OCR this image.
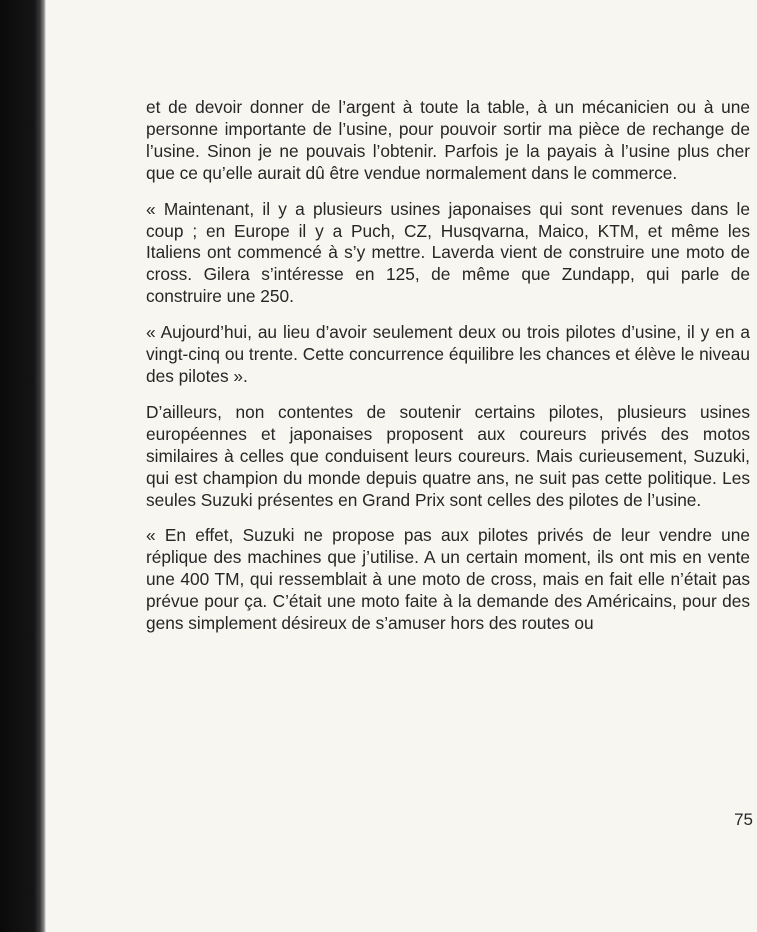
et de devoir donner de l’argent à toute la table, à un mécanicien ou à une personne importante de l’usine, pour pouvoir sortir ma pièce de rechange de l’usine. Sinon je ne pouvais l’obtenir. Parfois je la payais à l’usine plus cher que ce qu’elle aurait dû être vendue normalement dans le commerce.

« Maintenant, il y a plusieurs usines japonaises qui sont revenues dans le coup ; en Europe il y a Puch, CZ, Husqvarna, Maico, KTM, et même les Italiens ont commencé à s’y mettre. Laverda vient de construire une moto de cross. Gilera s’intéresse en 125, de même que Zundapp, qui parle de construire une 250.

« Aujourd’hui, au lieu d’avoir seulement deux ou trois pilotes d’usine, il y en a vingt-cinq ou trente. Cette concurrence équilibre les chances et élève le niveau des pilotes ».

D’ailleurs, non contentes de soutenir certains pilotes, plusieurs usines européennes et japonaises proposent aux coureurs privés des motos similaires à celles que conduisent leurs coureurs. Mais curieusement, Suzuki, qui est champion du monde depuis quatre ans, ne suit pas cette politique. Les seules Suzuki présentes en Grand Prix sont celles des pilotes de l’usine.

« En effet, Suzuki ne propose pas aux pilotes privés de leur vendre une réplique des machines que j’utilise. A un certain moment, ils ont mis en vente une 400 TM, qui ressemblait à une moto de cross, mais en fait elle n’était pas prévue pour ça. C’était une moto faite à la demande des Américains, pour des gens simplement désireux de s’amuser hors des routes ou

75
